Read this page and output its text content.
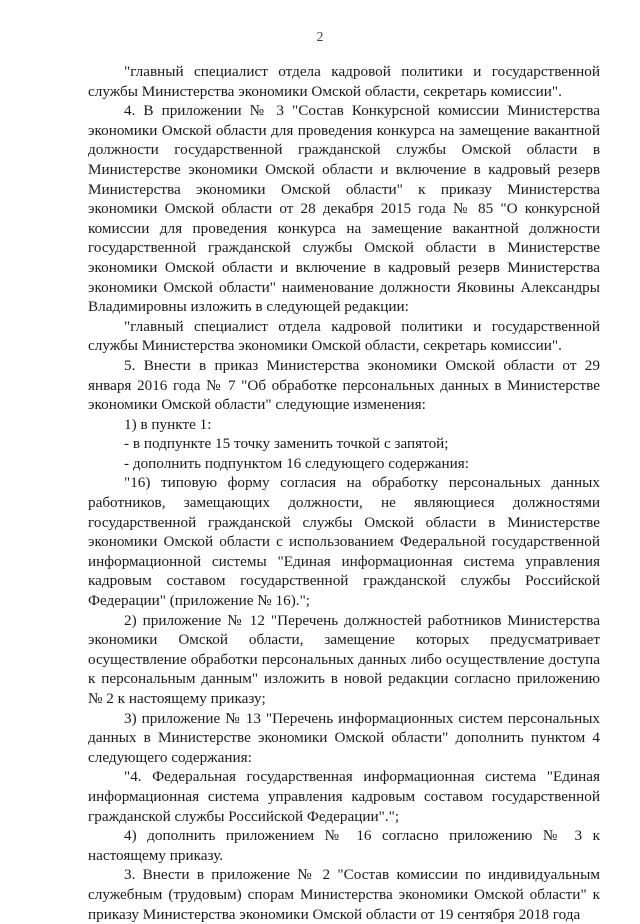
2

"главный специалист отдела кадровой политики и государственной службы Министерства экономики Омской области, секретарь комиссии".

4. В приложении № 3 "Состав Конкурсной комиссии Министерства экономики Омской области для проведения конкурса на замещение вакантной должности государственной гражданской службы Омской области в Министерстве экономики Омской области и включение в кадровый резерв Министерства экономики Омской области" к приказу Министерства экономики Омской области от 28 декабря 2015 года № 85 "О конкурсной комиссии для проведения конкурса на замещение вакантной должности государственной гражданской службы Омской области в Министерстве экономики Омской области и включение в кадровый резерв Министерства экономики Омской области" наименование должности Яковины Александры Владимировны изложить в следующей редакции:

"главный специалист отдела кадровой политики и государственной службы Министерства экономики Омской области, секретарь комиссии".

5. Внести в приказ Министерства экономики Омской области от 29 января 2016 года № 7 "Об обработке персональных данных в Министерстве экономики Омской области" следующие изменения:

1) в пункте 1:

- в подпункте 15 точку заменить точкой с запятой;

- дополнить подпунктом 16 следующего содержания:

"16) типовую форму согласия на обработку персональных данных работников, замещающих должности, не являющиеся должностями государственной гражданской службы Омской области в Министерстве экономики Омской области с использованием Федеральной государственной информационной системы "Единая информационная система управления кадровым составом государственной гражданской службы Российской Федерации" (приложение № 16).";

2) приложение № 12 "Перечень должностей работников Министерства экономики Омской области, замещение которых предусматривает осуществление обработки персональных данных либо осуществление доступа к персональным данным" изложить в новой редакции согласно приложению № 2 к настоящему приказу;

3) приложение № 13 "Перечень информационных систем персональных данных в Министерстве экономики Омской области" дополнить пунктом 4 следующего содержания:

"4. Федеральная государственная информационная система "Единая информационная система управления кадровым составом государственной гражданской службы Российской Федерации".";

4) дополнить приложением № 16 согласно приложению № 3 к настоящему приказу.

3. Внести в приложение № 2 "Состав комиссии по индивидуальным служебным (трудовым) спорам Министерства экономики Омской области" к приказу Министерства экономики Омской области от 19 сентября 2018 года
